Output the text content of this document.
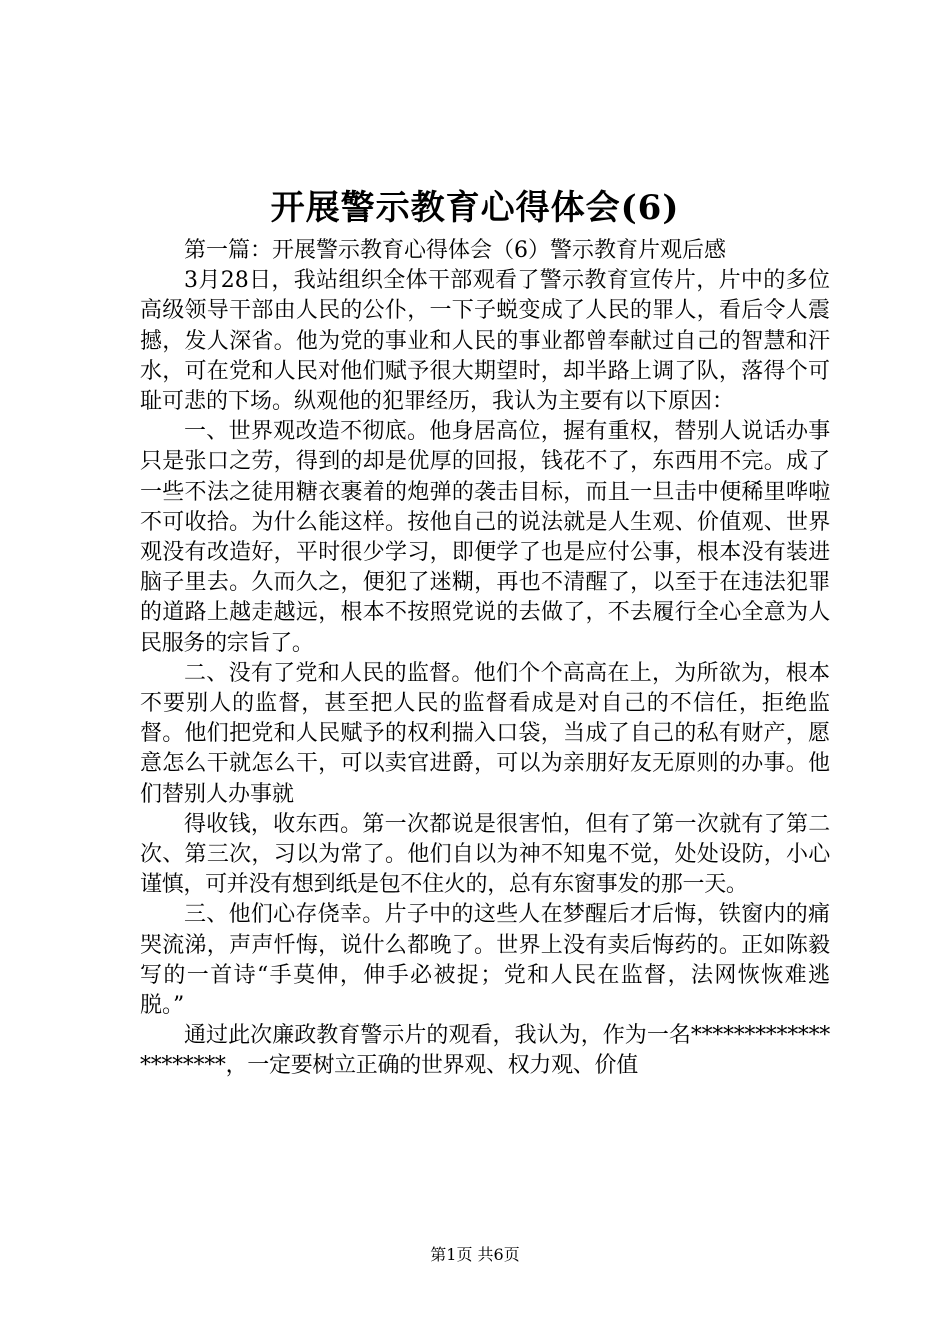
开展警示教育心得体会(6)

第一篇：开展警示教育心得体会（6）警示教育片观后感

3月28日，我站组织全体干部观看了警示教育宣传片，片中的多位高级领导干部由人民的公仆，一下子蜕变成了人民的罪人，看后令人震撼，发人深省。他为党的事业和人民的事业都曾奉献过自己的智慧和汗水，可在党和人民对他们赋予很大期望时，却半路上调了队，落得个可耻可悲的下场。纵观他的犯罪经历，我认为主要有以下原因：

一、世界观改造不彻底。他身居高位，握有重权，替别人说话办事只是张口之劳，得到的却是优厚的回报，钱花不了，东西用不完。成了一些不法之徒用糖衣裹着的炮弹的袭击目标，而且一旦击中便稀里哗啦不可收拾。为什么能这样。按他自己的说法就是人生观、价值观、世界观没有改造好，平时很少学习，即便学了也是应付公事，根本没有装进脑子里去。久而久之，便犯了迷糊，再也不清醒了，以至于在违法犯罪的道路上越走越远，根本不按照党说的去做了，不去履行全心全意为人民服务的宗旨了。

二、没有了党和人民的监督。他们个个高高在上，为所欲为，根本不要别人的监督，甚至把人民的监督看成是对自己的不信任，拒绝监督。他们把党和人民赋予的权利揣入口袋，当成了自己的私有财产，愿意怎么干就怎么干，可以卖官进爵，可以为亲朋好友无原则的办事。他们替别人办事就

得收钱，收东西。第一次都说是很害怕，但有了第一次就有了第二次、第三次，习以为常了。他们自以为神不知鬼不觉，处处设防，小心谨慎，可并没有想到纸是包不住火的，总有东窗事发的那一天。

三、他们心存侥幸。片子中的这些人在梦醒后才后悔，铁窗内的痛哭流涕，声声忏悔，说什么都晚了。世界上没有卖后悔药的。正如陈毅写的一首诗“手莫伸，伸手必被捉；党和人民在监督，法网恢恢难逃脱。”

通过此次廉政教育警示片的观看，我认为，作为一名*********************，一定要树立正确的世界观、权力观、价值

第1页 共6页
